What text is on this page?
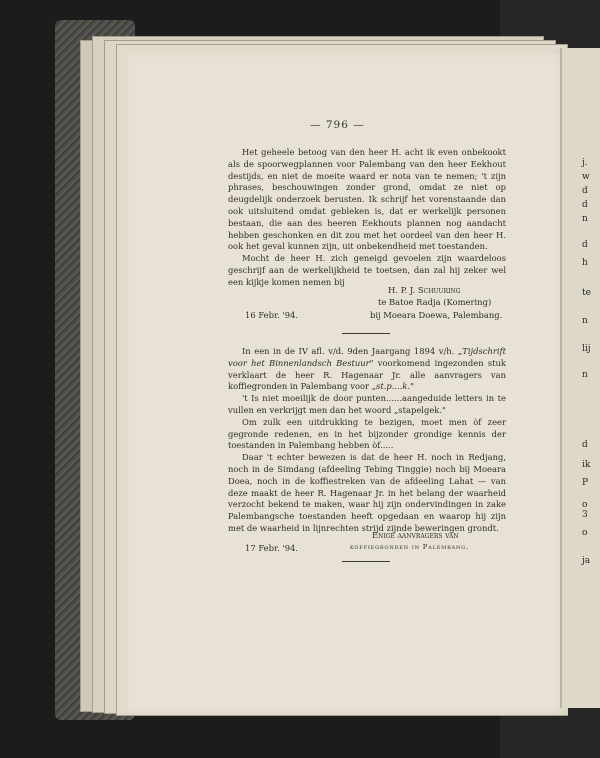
j.
w
d
d
n
d
h
te
n
lij
n
d
ik
P
o
3
o
ja
— 796 —

Het geheele betoog van den heer H. acht ik even onbekookt als de spoorwegplannen voor Palembang van den heer Eekhout destijds, en niet de moeite waard er nota van te nemen; 't zijn phrases, beschouwingen zonder grond, omdat ze niet op deugdelijk onderzoek berusten. Ik schrijf het vorenstaande dan ook uitsluitend omdat gebleken is, dat er werkelijk personen bestaan, die aan des heeren Eekhouts plannen nog aandacht hebben geschonken en dit zou met het oordeel van den heer H. ook het geval kunnen zijn, uit onbekendheid met toestanden.

Mocht de heer H. zich geneigd gevoelen zijn waardeloos geschrijf aan de werkelijkheid te toetsen, dan zal hij zeker wel een kijkje komen nemen bij

H. P. J. Schuuring
te Batoe Radja (Komering)
16 Febr. '94.	bij Moeara Doewa, Palembang.

In een in de IV afl. v/d. 9den Jaargang 1894 v/h. „Tijdschrift voor het Binnenlandsch Bestuur" voorkomend ingezonden stuk verklaart de heer R. Hagenaar Jr. alle aanvragers van koffiegronden in Palembang voor „st.p....k."

't Is niet moeilijk de door punten......aangeduide letters in te vullen en verkrijgt men dan het woord „stapelgek."

Om zulk een uitdrukking te bezigen, moet men òf zeer gegronde redenen, en in het bijzonder grondige kennis der toestanden in Palembang hebben òf.....

Daar 't echter bewezen is dat de heer H. noch in Redjang, noch in de Simdang (afdeeling Tebing Tinggie) noch bij Moeara Doea, noch in de koffiestreken van de afdeeling Lahat — van deze maakt de heer R. Hagenaar Jr. in het belang der waarheid verzocht bekend te maken, waar hij zijn ondervindingen in zake Palembangsche toestanden heeft opgedaan en waarop hij zijn met de waarheid in lijnrechten strijd zijnde beweringen grondt.

Enige aanvragers van
koffiegronden in Palembang.
17 Febr. '94.
